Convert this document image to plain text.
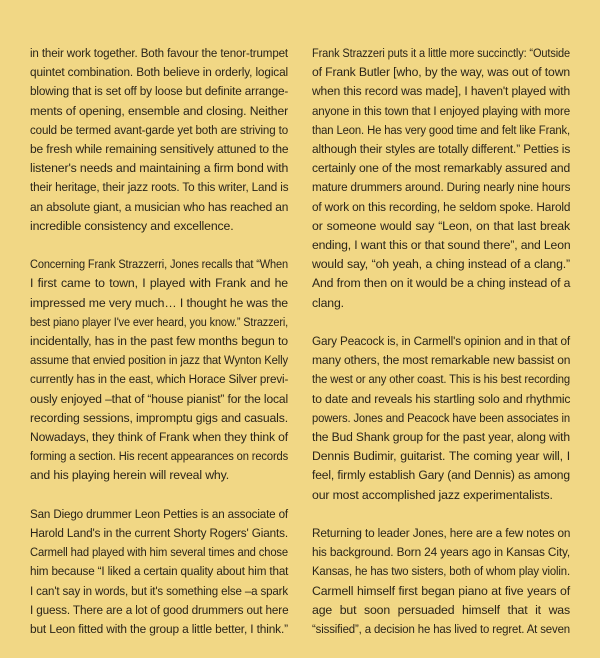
in their work together. Both favour the tenor-trumpet
quintet combination. Both believe in orderly, logical
blowing that is set off by loose but definite arrange-
ments of opening, ensemble and closing. Neither
could be termed avant-garde yet both are striving to
be fresh while remaining sensitively attuned to the
listener's needs and maintaining a firm bond with
their heritage, their jazz roots. To this writer, Land is
an absolute giant, a musician who has reached an
incredible consistency and excellence.

Concerning Frank Strazzerri, Jones recalls that “When
I first came to town, I played with Frank and he
impressed me very much… I thought he was the
best piano player I've ever heard, you know.” Strazzeri,
incidentally, has in the past few months begun to
assume that envied position in jazz that Wynton Kelly
currently has in the east, which Horace Silver previ-
ously enjoyed –that of “house pianist” for the local
recording sessions, impromptu gigs and casuals.
Nowadays, they think of Frank when they think of
forming a section. His recent appearances on records
and his playing herein will reveal why.

San Diego drummer Leon Petties is an associate of
Harold Land's in the current Shorty Rogers' Giants.
Carmell had played with him several times and chose
him because “I liked a certain quality about him that
I can't say in words, but it's something else –a spark
I guess. There are a lot of good drummers out here
but Leon fitted with the group a little better, I think.”

Frank Strazzeri puts it a little more succinctly: “Outside
of Frank Butler [who, by the way, was out of town
when this record was made], I haven't played with
anyone in this town that I enjoyed playing with more
than Leon. He has very good time and felt like Frank,
although their styles are totally different.” Petties is
certainly one of the most remarkably assured and
mature drummers around. During nearly nine hours
of work on this recording, he seldom spoke. Harold
or someone would say “Leon, on that last break
ending, I want this or that sound there”, and Leon
would say, “oh yeah, a ching instead of a clang.”
And from then on it would be a ching instead of a
clang.

Gary Peacock is, in Carmell's opinion and in that of
many others, the most remarkable new bassist on
the west or any other coast. This is his best recording
to date and reveals his startling solo and rhythmic
powers. Jones and Peacock have been associates in
the Bud Shank group for the past year, along with
Dennis Budimir, guitarist. The coming year will, I
feel, firmly establish Gary (and Dennis) as among
our most accomplished jazz experimentalists.

Returning to leader Jones, here are a few notes on
his background. Born 24 years ago in Kansas City,
Kansas, he has two sisters, both of whom play violin.
Carmell himself first began piano at five years of
age but soon persuaded himself that it was
“sissified”, a decision he has lived to regret. At seven
